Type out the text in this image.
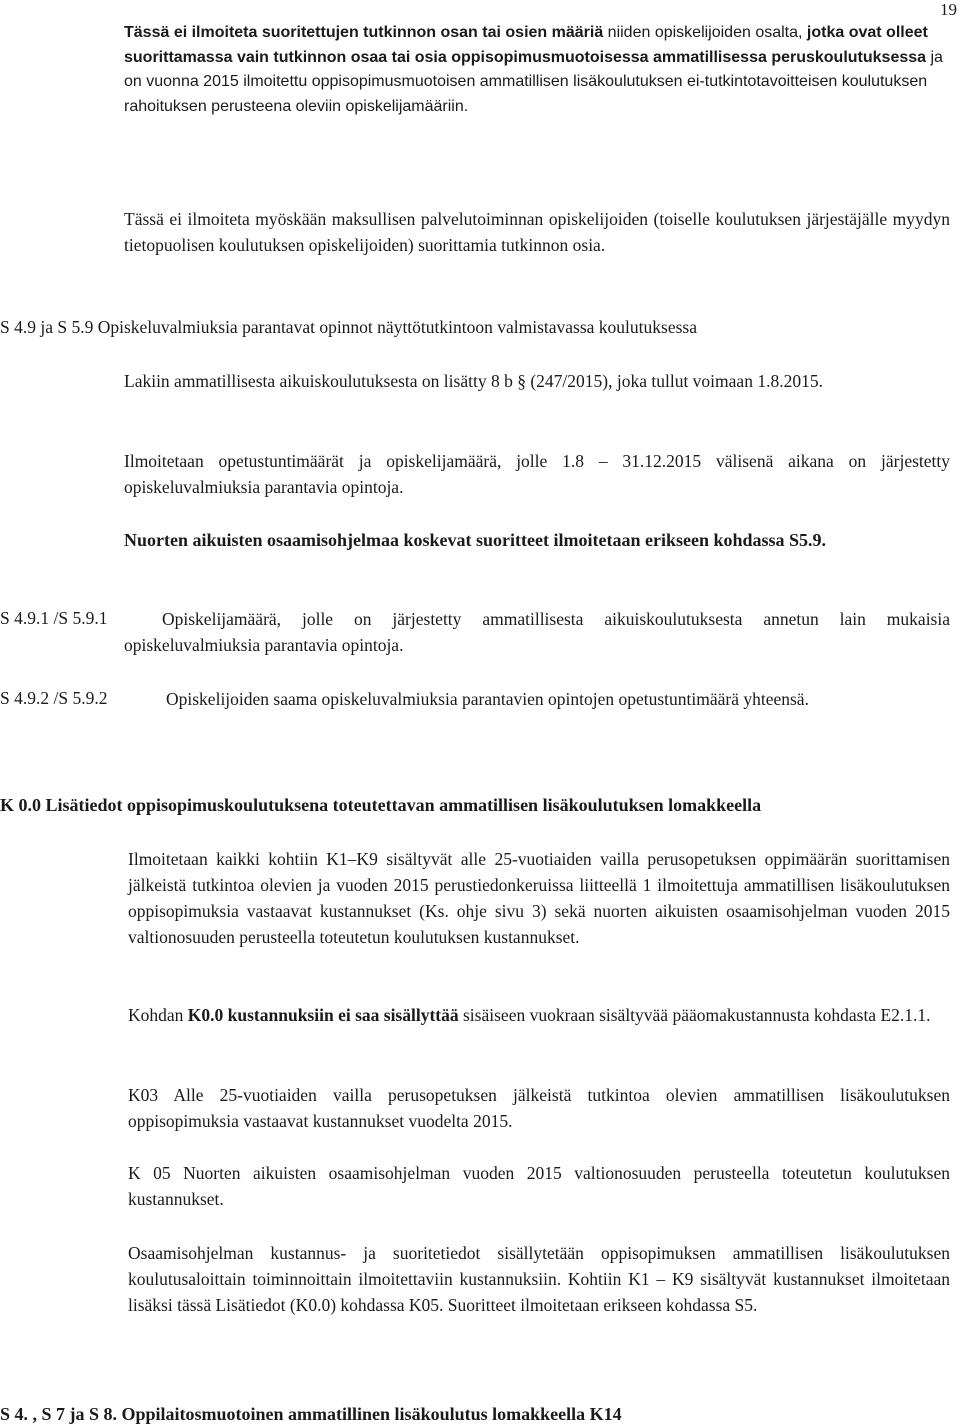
19

Tässä ei ilmoiteta suoritettujen tutkinnon osan tai osien määriä niiden opiskelijoiden osalta, jotka ovat olleet suorittamassa vain tutkinnon osaa tai osia oppisopimusmuotoisessa ammatillisessa peruskoulutuksessa ja on vuonna 2015 ilmoitettu oppisopimusmuotoisen ammatillisen lisäkoulutuksen ei-tutkintotavoitteisen koulutuksen rahoituksen perusteena oleviin opiskelijamääriin.

Tässä ei ilmoiteta myöskään maksullisen palvelutoiminnan opiskelijoiden (toiselle koulutuksen järjestäjälle myydyn tietopuolisen koulutuksen opiskelijoiden) suorittamia tutkinnon osia.

S 4.9 ja S 5.9 Opiskeluvalmiuksia parantavat opinnot näyttötutkintoon valmistavassa koulutuksessa

Lakiin ammatillisesta aikuiskoulutuksesta on lisätty 8 b § (247/2015), joka tullut voimaan 1.8.2015.

Ilmoitetaan opetustuntimäärät ja opiskelijamäärä, jolle 1.8 – 31.12.2015 välisenä aikana on järjestetty opiskeluvalmiuksia parantavia opintoja.

Nuorten aikuisten osaamisohjelmaa koskevat suoritteet ilmoitetaan erikseen kohdassa S5.9.

S 4.9.1 /S 5.9.1	Opiskelijamäärä, jolle on järjestetty ammatillisesta aikuiskoulutuksesta annetun lain mukaisia opiskeluvalmiuksia parantavia opintoja.

S 4.9.2 /S 5.9.2	Opiskelijoiden saama opiskeluvalmiuksia parantavien opintojen opetustuntimäärä yhteensä.

K 0.0 Lisätiedot oppisopimuskoulutuksena toteutettavan ammatillisen lisäkoulutuksen lomakkeella

Ilmoitetaan kaikki kohtiin K1–K9 sisältyvät alle 25-vuotiaiden vailla perusopetuksen oppimäärän suorittamisen jälkeistä tutkintoa olevien ja vuoden 2015 perustiedonkeruissa liitteellä 1 ilmoitettuja ammatillisen lisäkoulutuksen oppisopimuksia vastaavat kustannukset (Ks. ohje sivu 3) sekä nuorten aikuisten osaamisohjelman vuoden 2015 valtionosuuden perusteella toteutetun koulutuksen kustannukset.

Kohdan K0.0 kustannuksiin ei saa sisällyttää sisäiseen vuokraan sisältyvää pääomakustannusta kohdasta E2.1.1.

K03 Alle 25-vuotiaiden vailla perusopetuksen jälkeistä tutkintoa olevien ammatillisen lisäkoulutuksen oppisopimuksia vastaavat kustannukset vuodelta 2015.

K 05 Nuorten aikuisten osaamisohjelman vuoden 2015 valtionosuuden perusteella toteutetun koulutuksen kustannukset.

Osaamisohjelman kustannus- ja suoritetiedot sisällytetään oppisopimuksen ammatillisen lisäkoulutuksen koulutusaloittain toiminnoittain ilmoitettaviin kustannuksiin. Kohtiin K1 – K9 sisältyvät kustannukset ilmoitetaan lisäksi tässä Lisätiedot (K0.0) kohdassa K05. Suoritteet ilmoitetaan erikseen kohdassa S5.

S 4. , S 7 ja S 8. Oppilaitosmuotoinen ammatillinen lisäkoulutus lomakkeella K14
